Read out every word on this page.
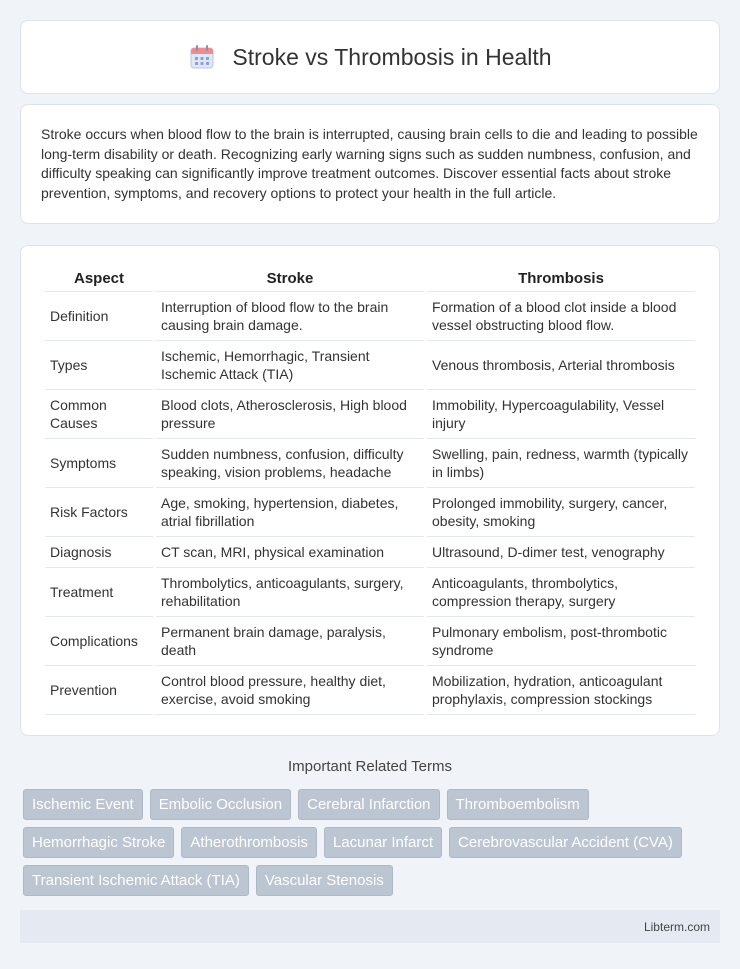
Stroke vs Thrombosis in Health

Stroke occurs when blood flow to the brain is interrupted, causing brain cells to die and leading to possible long-term disability or death. Recognizing early warning signs such as sudden numbness, confusion, and difficulty speaking can significantly improve treatment outcomes. Discover essential facts about stroke prevention, symptoms, and recovery options to protect your health in the full article.

Aspect	Stroke	Thrombosis
Definition	Interruption of blood flow to the brain causing brain damage.	Formation of a blood clot inside a blood vessel obstructing blood flow.
Types	Ischemic, Hemorrhagic, Transient Ischemic Attack (TIA)	Venous thrombosis, Arterial thrombosis
Common Causes	Blood clots, Atherosclerosis, High blood pressure	Immobility, Hypercoagulability, Vessel injury
Symptoms	Sudden numbness, confusion, difficulty speaking, vision problems, headache	Swelling, pain, redness, warmth (typically in limbs)
Risk Factors	Age, smoking, hypertension, diabetes, atrial fibrillation	Prolonged immobility, surgery, cancer, obesity, smoking
Diagnosis	CT scan, MRI, physical examination	Ultrasound, D-dimer test, venography
Treatment	Thrombolytics, anticoagulants, surgery, rehabilitation	Anticoagulants, thrombolytics, compression therapy, surgery
Complications	Permanent brain damage, paralysis, death	Pulmonary embolism, post-thrombotic syndrome
Prevention	Control blood pressure, healthy diet, exercise, avoid smoking	Mobilization, hydration, anticoagulant prophylaxis, compression stockings
Important Related Terms
Ischemic Event	Embolic Occlusion	Cerebral Infarction	Thromboembolism
Hemorrhagic Stroke	Atherothrombosis	Lacunar Infarct	Cerebrovascular Accident (CVA)
Transient Ischemic Attack (TIA)	Vascular Stenosis
Libterm.com
